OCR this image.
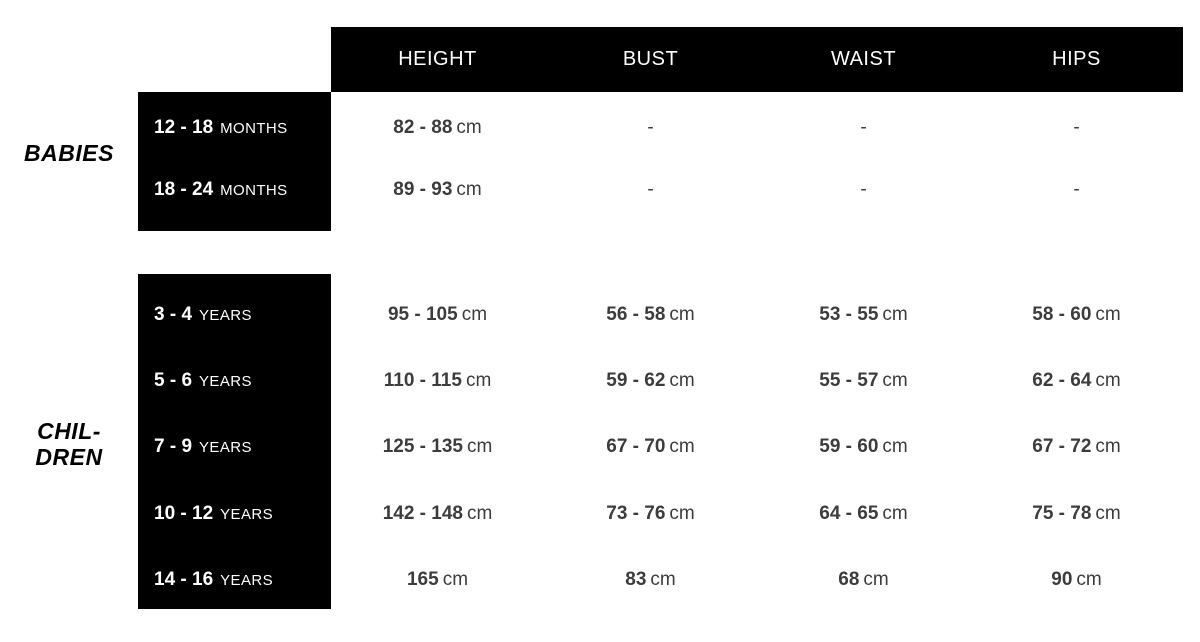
HEIGHT	BUST	WAIST	HIPS
BABIES
12 - 18 MONTHS	82 - 88 cm	-	-	-
18 - 24 MONTHS	89 - 93 cm	-	-	-
CHIL-
DREN
3 - 4 YEARS	95 - 105 cm	56 - 58 cm	53 - 55 cm	58 - 60 cm
5 - 6 YEARS	110 - 115 cm	59 - 62 cm	55 - 57 cm	62 - 64 cm
7 - 9 YEARS	125 - 135 cm	67 - 70 cm	59 - 60 cm	67 - 72 cm
10 - 12 YEARS	142 - 148 cm	73 - 76 cm	64 - 65 cm	75 - 78 cm
14 - 16 YEARS	165 cm	83 cm	68 cm	90 cm
